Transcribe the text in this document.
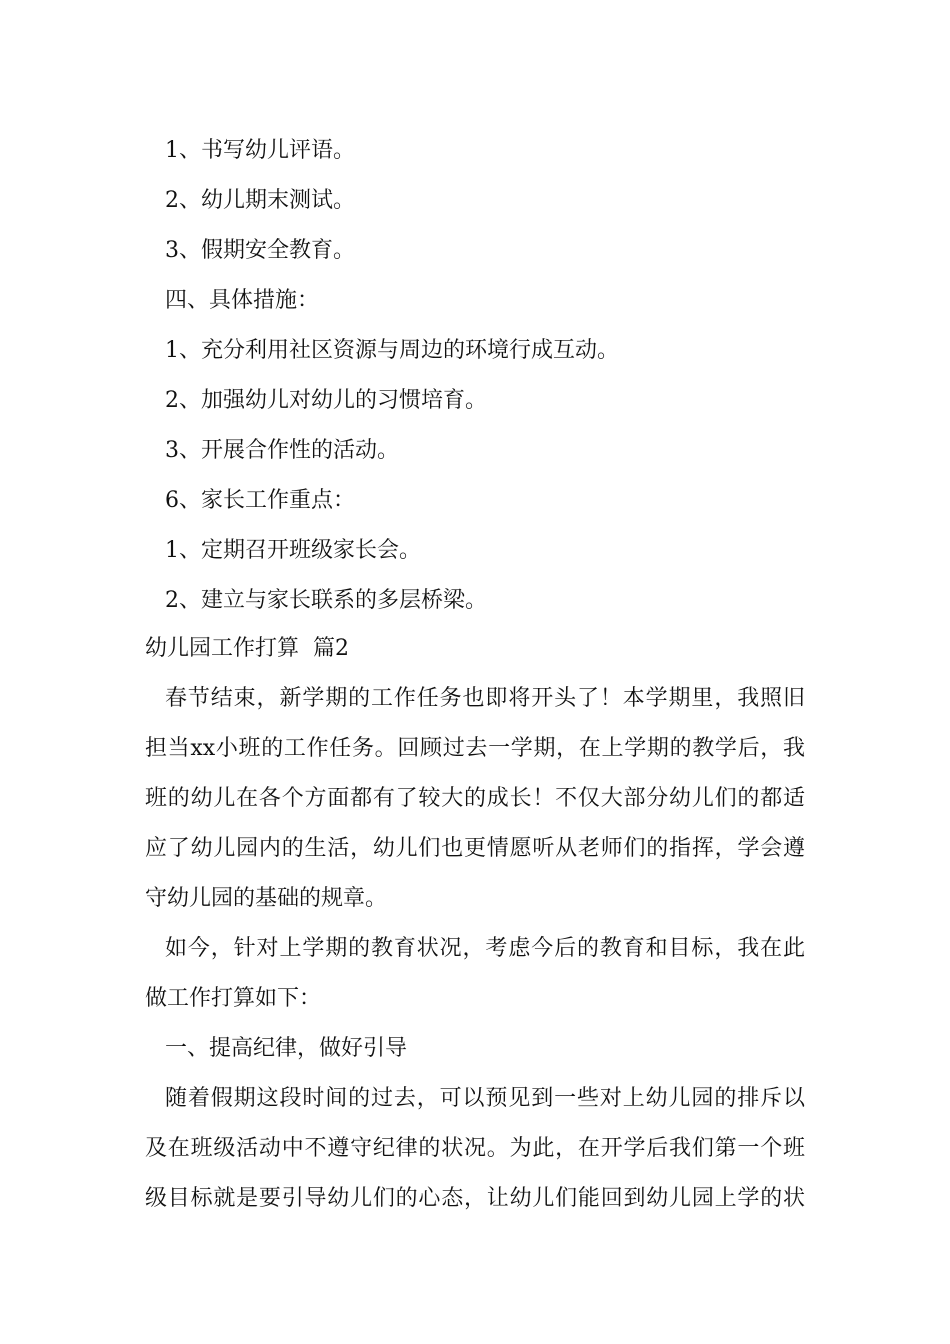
1、书写幼儿评语。
2、幼儿期末测试。
3、假期安全教育。
四、具体措施：
1、充分利用社区资源与周边的环境行成互动。
2、加强幼儿对幼儿的习惯培育。
3、开展合作性的活动。
6、家长工作重点：
1、定期召开班级家长会。
2、建立与家长联系的多层桥梁。
幼儿园工作打算  篇2
春节结束，新学期的工作任务也即将开头了！本学期里，我照旧
担当xx小班的工作任务。回顾过去一学期，在上学期的教学后，我
班的幼儿在各个方面都有了较大的成长！不仅大部分幼儿们的都适
应了幼儿园内的生活，幼儿们也更情愿听从老师们的指挥，学会遵
守幼儿园的基础的规章。
如今，针对上学期的教育状况，考虑今后的教育和目标，我在此
做工作打算如下：
一、提高纪律，做好引导
随着假期这段时间的过去，可以预见到一些对上幼儿园的排斥以
及在班级活动中不遵守纪律的状况。为此，在开学后我们第一个班
级目标就是要引导幼儿们的心态，让幼儿们能回到幼儿园上学的状
